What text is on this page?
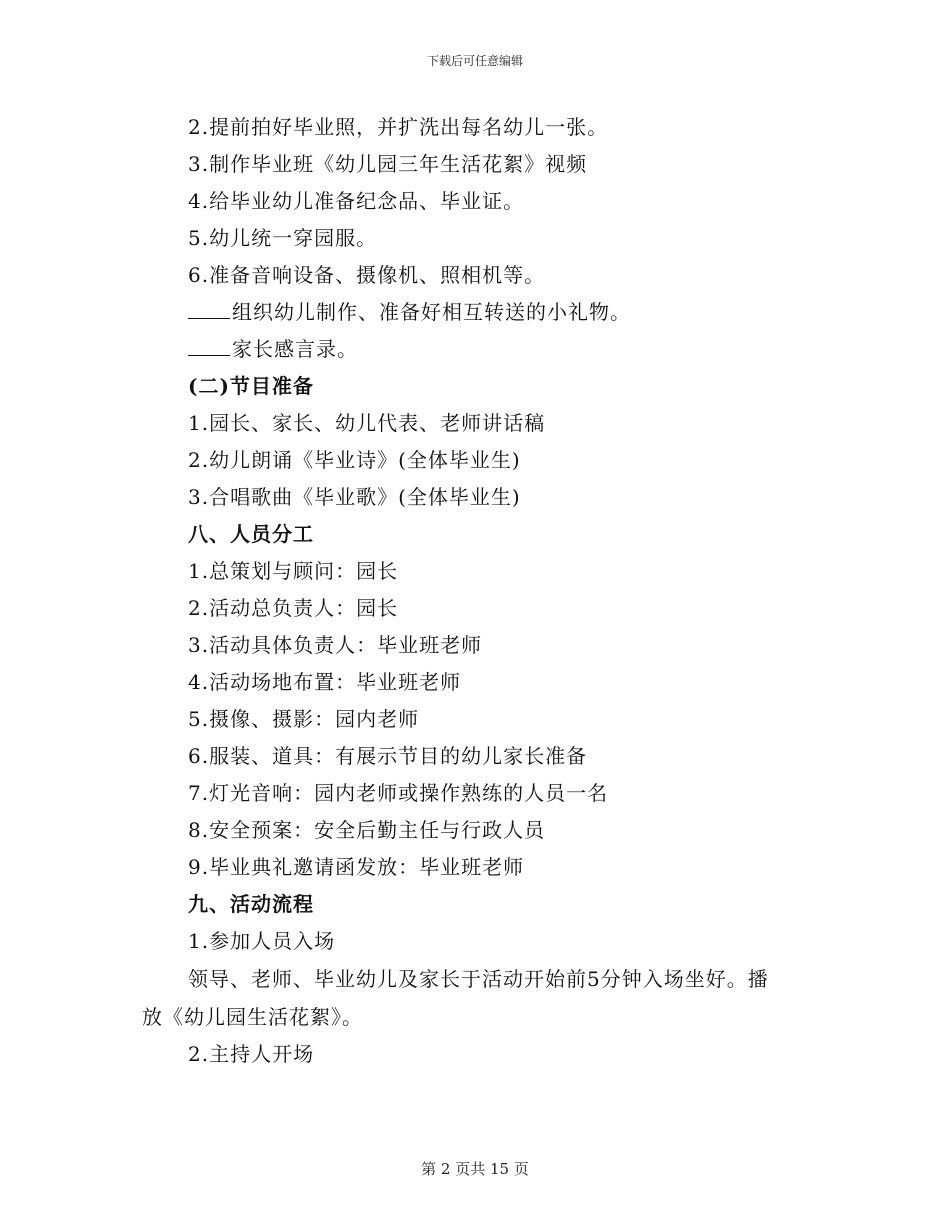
下载后可任意编辑
2.提前拍好毕业照，并扩洗出每名幼儿一张。
3.制作毕业班《幼儿园三年生活花絮》视频
4.给毕业幼儿准备纪念品、毕业证。
5.幼儿统一穿园服。
6.准备音响设备、摄像机、照相机等。
组织幼儿制作、准备好相互转送的小礼物。
家长感言录。
(二)节目准备
1.园长、家长、幼儿代表、老师讲话稿
2.幼儿朗诵《毕业诗》(全体毕业生)
3.合唱歌曲《毕业歌》(全体毕业生)
八、人员分工
1.总策划与顾问：园长
2.活动总负责人：园长
3.活动具体负责人：毕业班老师
4.活动场地布置：毕业班老师
5.摄像、摄影：园内老师
6.服装、道具：有展示节目的幼儿家长准备
7.灯光音响：园内老师或操作熟练的人员一名
8.安全预案：安全后勤主任与行政人员
9.毕业典礼邀请函发放：毕业班老师
九、活动流程
1.参加人员入场
领导、老师、毕业幼儿及家长于活动开始前5分钟入场坐好。播
放《幼儿园生活花絮》。
2.主持人开场
第 2 页共 15 页
